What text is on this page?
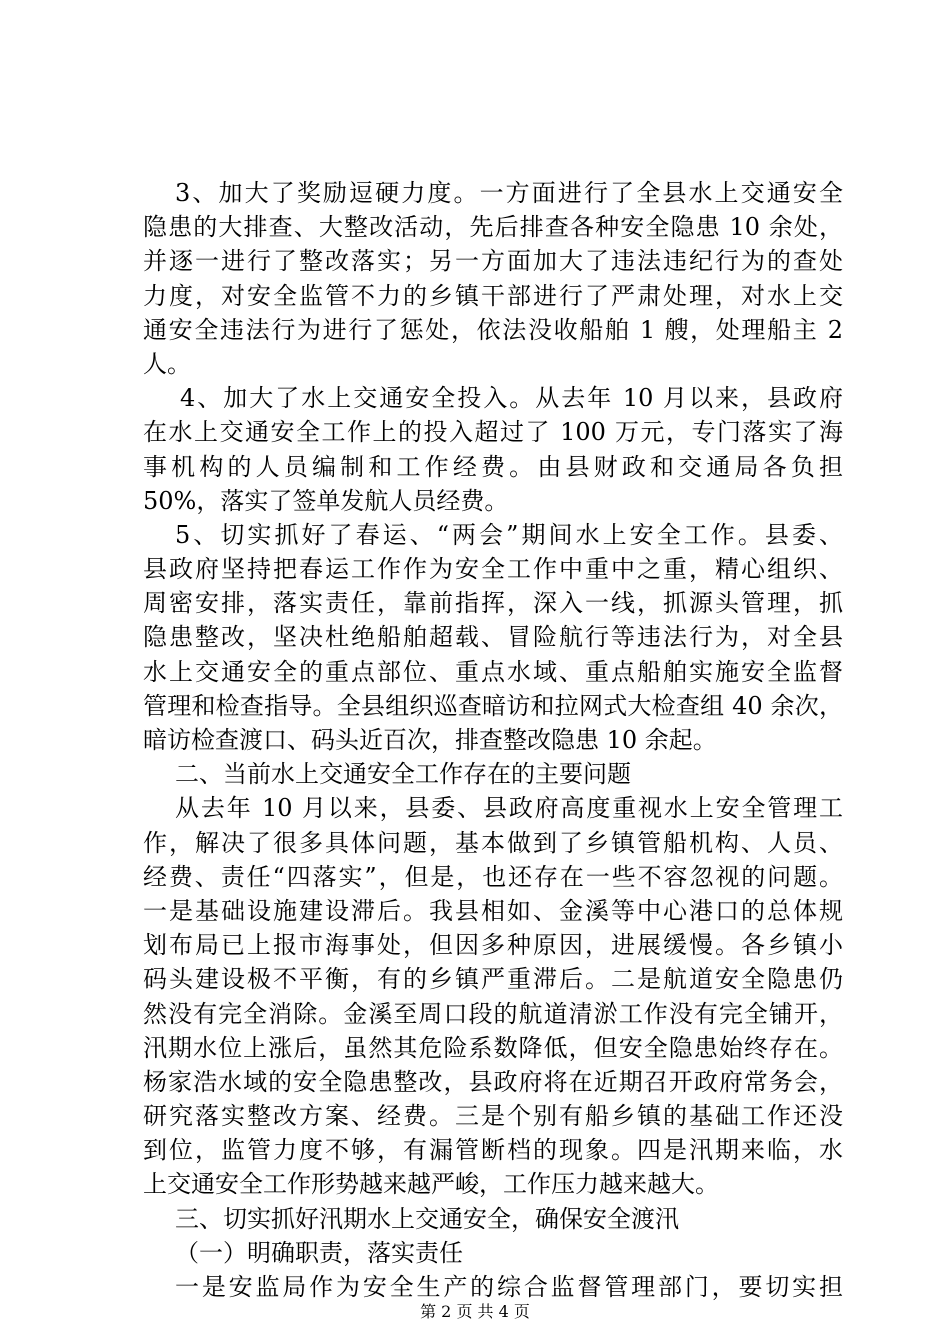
3、加大了奖励逗硬力度。一方面进行了全县水上交通安全
隐患的大排查、大整改活动，先后排查各种安全隐患 10 余处，
并逐一进行了整改落实；另一方面加大了违法违纪行为的查处
力度，对安全监管不力的乡镇干部进行了严肃处理，对水上交
通安全违法行为进行了惩处，依法没收船舶 1 艘，处理船主 2
人。
4、加大了水上交通安全投入。从去年 10 月以来，县政府
在水上交通安全工作上的投入超过了 100 万元，专门落实了海
事机构的人员编制和工作经费。由县财政和交通局各负担
50%，落实了签单发航人员经费。
5、切实抓好了春运、“两会”期间水上安全工作。县委、
县政府坚持把春运工作作为安全工作中重中之重，精心组织、
周密安排，落实责任，靠前指挥，深入一线，抓源头管理，抓
隐患整改，坚决杜绝船舶超载、冒险航行等违法行为，对全县
水上交通安全的重点部位、重点水域、重点船舶实施安全监督
管理和检查指导。全县组织巡查暗访和拉网式大检查组 40 余次，
暗访检查渡口、码头近百次，排查整改隐患 10 余起。
二、当前水上交通安全工作存在的主要问题
从去年 10 月以来，县委、县政府高度重视水上安全管理工
作，解决了很多具体问题，基本做到了乡镇管船机构、人员、
经费、责任“四落实”，但是，也还存在一些不容忽视的问题。
一是基础设施建设滞后。我县相如、金溪等中心港口的总体规
划布局已上报市海事处，但因多种原因，进展缓慢。各乡镇小
码头建设极不平衡，有的乡镇严重滞后。二是航道安全隐患仍
然没有完全消除。金溪至周口段的航道清淤工作没有完全铺开，
汛期水位上涨后，虽然其危险系数降低，但安全隐患始终存在。
杨家浩水域的安全隐患整改，县政府将在近期召开政府常务会，
研究落实整改方案、经费。三是个别有船乡镇的基础工作还没
到位，监管力度不够，有漏管断档的现象。四是汛期来临，水
上交通安全工作形势越来越严峻，工作压力越来越大。
三、切实抓好汛期水上交通安全，确保安全渡汛
（一）明确职责，落实责任
一是安监局作为安全生产的综合监督管理部门，要切实担
第 2 页 共 4 页
